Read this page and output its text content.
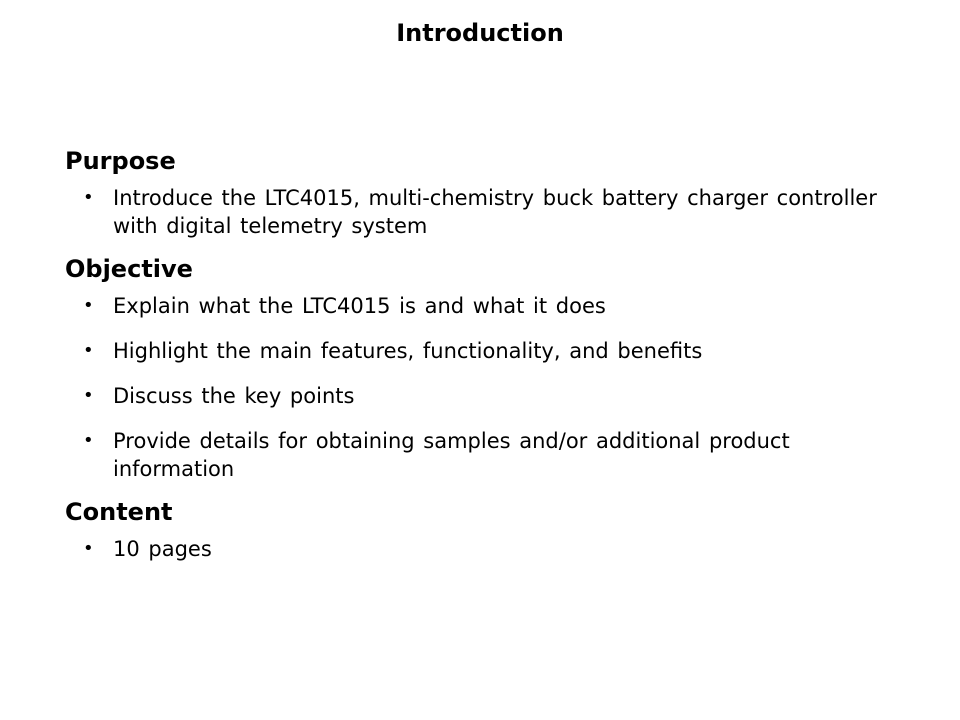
Introduction
Purpose
• Introduce the LTC4015, multi-chemistry buck battery charger controller with digital telemetry system
Objective
• Explain what the LTC4015 is and what it does
• Highlight the main features, functionality, and benefits
• Discuss the key points
• Provide details for obtaining samples and/or additional product information
Content
• 10 pages
